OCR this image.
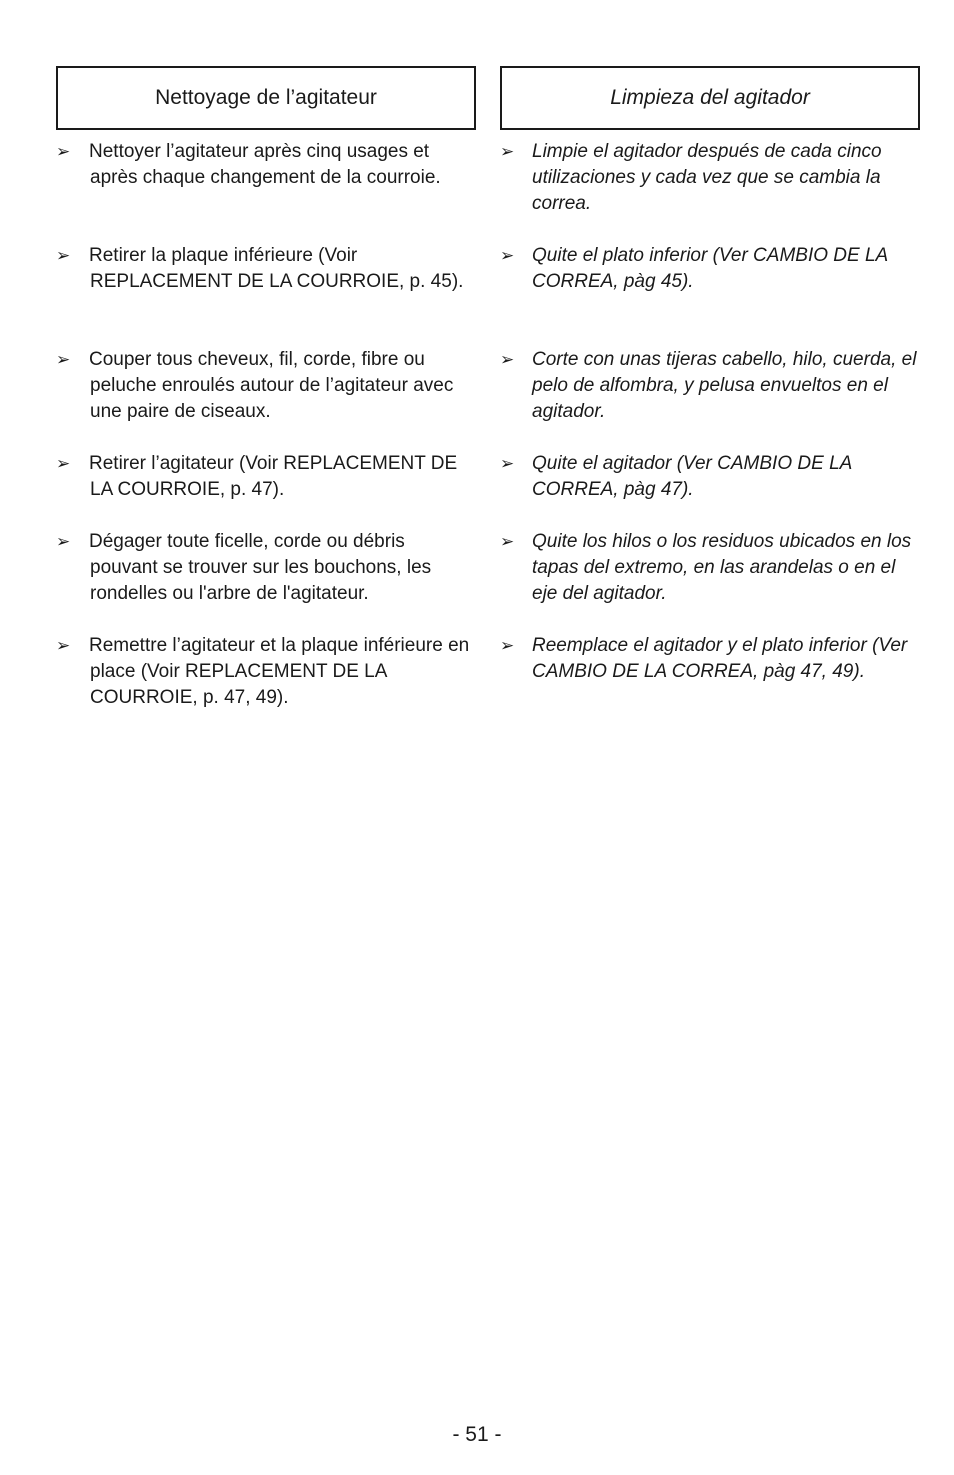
Nettoyage de l’agitateur
➢ Nettoyer l’agitateur après cinq usages et après chaque changement de la courroie.
➢ Retirer la plaque inférieure (Voir REPLACEMENT DE LA COURROIE, p. 45).
➢ Couper tous cheveux, fil, corde, fibre ou peluche enroulés autour de l’agitateur avec une paire de ciseaux.
➢ Retirer l’agitateur (Voir REPLACEMENT DE LA COURROIE, p. 47).
➢ Dégager toute ficelle, corde ou débris pouvant se trouver sur les bouchons, les rondelles ou l'arbre de l'agitateur.
➢ Remettre l’agitateur et la plaque inférieure en place (Voir REPLACEMENT DE LA COURROIE, p. 47, 49).
Limpieza del agitador
➢ Limpie el agitador después de cada cinco utilizaciones y cada vez que se cambia la correa.
➢ Quite el plato inferior (Ver CAMBIO DE LA CORREA, pàg 45).
➢ Corte con unas tijeras cabello, hilo, cuerda, el pelo de alfombra, y pelusa envueltos en el agitador.
➢ Quite el agitador (Ver CAMBIO DE LA CORREA, pàg 47).
➢ Quite los hilos o los residuos ubicados en los tapas del extremo, en las arandelas o en el eje del agitador.
➢ Reemplace el agitador y el plato inferior (Ver CAMBIO DE LA CORREA, pàg 47, 49).
- 51 -
